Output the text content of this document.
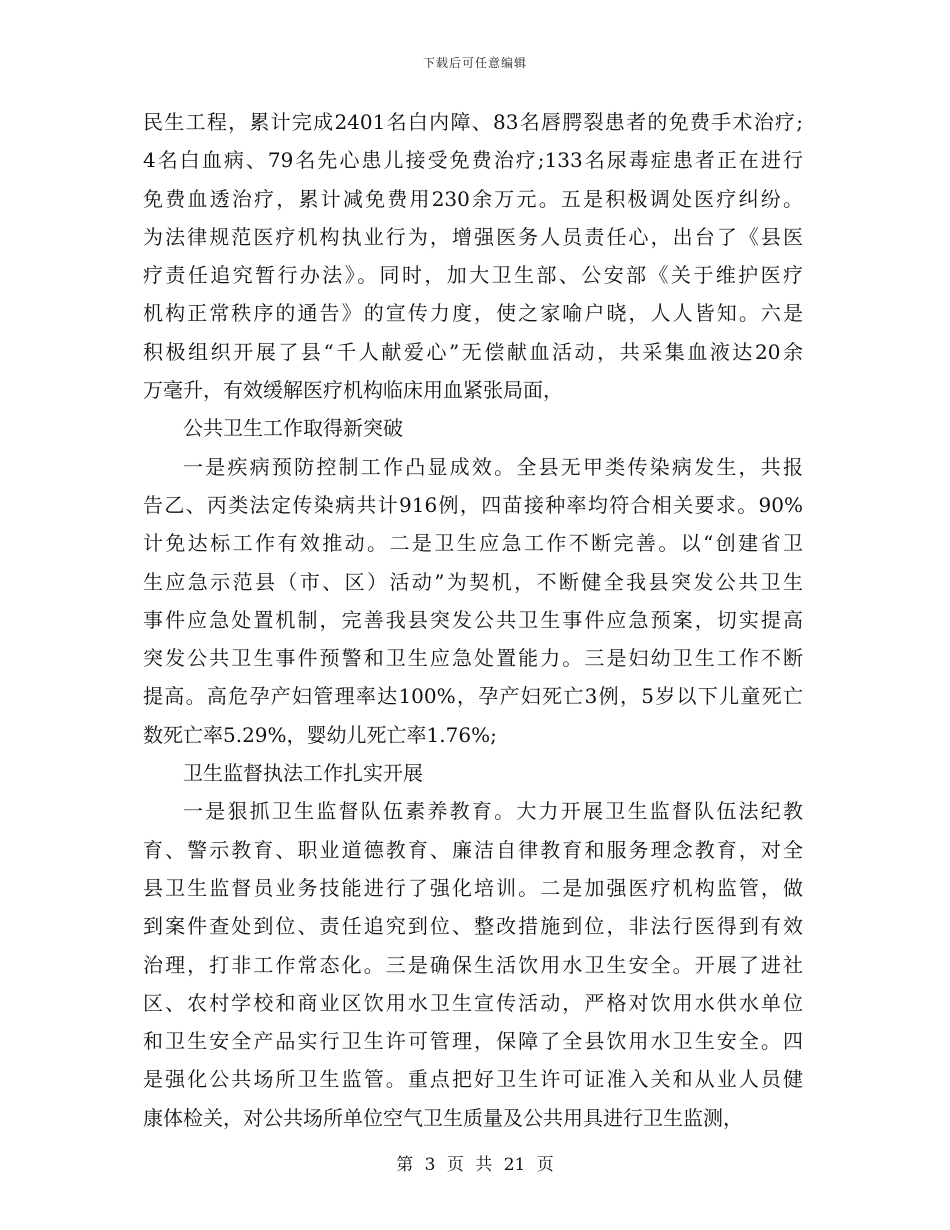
下载后可任意编辑
民生工程，累计完成2401名白内障、83名唇腭裂患者的免费手术治疗;
4名白血病、79名先心患儿接受免费治疗;133名尿毒症患者正在进行
免费血透治疗，累计减免费用230余万元。五是积极调处医疗纠纷。
为法律规范医疗机构执业行为，增强医务人员责任心，出台了《县医
疗责任追究暂行办法》。同时，加大卫生部、公安部《关于维护医疗
机构正常秩序的通告》的宣传力度，使之家喻户晓，人人皆知。六是
积极组织开展了县“千人献爱心”无偿献血活动，共采集血液达20余
万毫升，有效缓解医疗机构临床用血紧张局面，
公共卫生工作取得新突破
一是疾病预防控制工作凸显成效。全县无甲类传染病发生，共报
告乙、丙类法定传染病共计916例，四苗接种率均符合相关要求。90%
计免达标工作有效推动。二是卫生应急工作不断完善。以“创建省卫
生应急示范县（市、区）活动”为契机，不断健全我县突发公共卫生
事件应急处置机制，完善我县突发公共卫生事件应急预案，切实提高
突发公共卫生事件预警和卫生应急处置能力。三是妇幼卫生工作不断
提高。高危孕产妇管理率达100%，孕产妇死亡3例，5岁以下儿童死亡
数死亡率5.29%，婴幼儿死亡率1.76%;
卫生监督执法工作扎实开展
一是狠抓卫生监督队伍素养教育。大力开展卫生监督队伍法纪教
育、警示教育、职业道德教育、廉洁自律教育和服务理念教育，对全
县卫生监督员业务技能进行了强化培训。二是加强医疗机构监管，做
到案件查处到位、责任追究到位、整改措施到位，非法行医得到有效
治理，打非工作常态化。三是确保生活饮用水卫生安全。开展了进社
区、农村学校和商业区饮用水卫生宣传活动，严格对饮用水供水单位
和卫生安全产品实行卫生许可管理，保障了全县饮用水卫生安全。四
是强化公共场所卫生监管。重点把好卫生许可证准入关和从业人员健
康体检关，对公共场所单位空气卫生质量及公共用具进行卫生监测，
第 3 页 共 21 页
